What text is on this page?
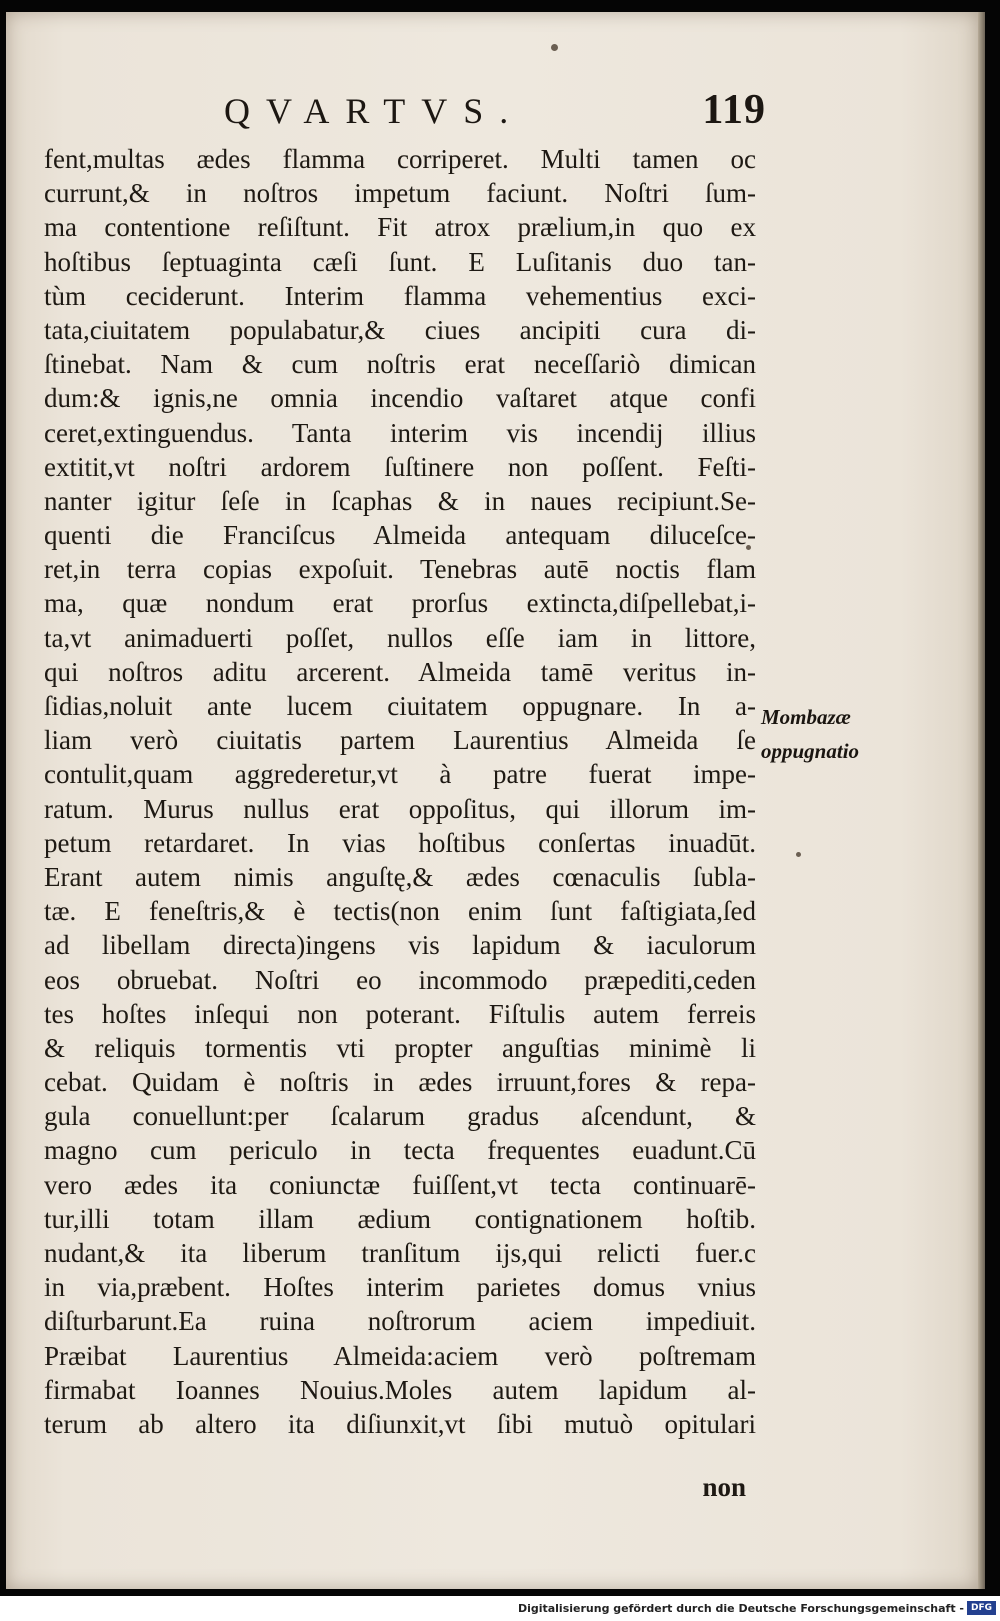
QVARTVS.	119
fent,multas ædes flamma corriperet. Multi tamen oc
currunt,& in noſtros impetum faciunt. Noſtri ſum-
ma contentione reſiſtunt. Fit atrox prælium,in quo ex
hoſtibus ſeptuaginta cæſi ſunt. E Luſitanis duo tan-
tùm ceciderunt. Interim flamma vehementius exci-
tata,ciuitatem populabatur,& ciues ancipiti cura di-
ſtinebat. Nam & cum noſtris erat neceſſariò dimican
dum:& ignis,ne omnia incendio vaſtaret atque confi
ceret,extinguendus. Tanta interim vis incendij illius
extitit,vt noſtri ardorem ſuſtinere non poſſent. Feſti-
nanter igitur ſeſe in ſcaphas & in naues recipiunt.Se-
quenti die Franciſcus Almeida antequam diluceſce-
ret,in terra copias expoſuit. Tenebras autē noctis flam
ma, quæ nondum erat prorſus extincta,diſpellebat,i-
ta,vt animaduerti poſſet, nullos eſſe iam in littore,
qui noſtros aditu arcerent. Almeida tamē veritus in-
ſidias,noluit ante lucem ciuitatem oppugnare. In a-
liam verò ciuitatis partem Laurentius Almeida ſe
contulit,quam aggrederetur,vt à patre fuerat impe-
ratum. Murus nullus erat oppoſitus, qui illorum im-
petum retardaret. In vias hoſtibus conſertas inuadūt.
Erant autem nimis anguſtę,& ædes cœnaculis ſubla-
tæ. E feneſtris,& è tectis(non enim ſunt faſtigiata,ſed
ad libellam directa)ingens vis lapidum & iaculorum
eos obruebat. Noſtri eo incommodo præpediti,ceden
tes hoſtes inſequi non poterant. Fiſtulis autem ferreis
& reliquis tormentis vti propter anguſtias minimè li
cebat. Quidam è noſtris in ædes irruunt,fores & repa-
gula conuellunt:per ſcalarum gradus aſcendunt, &
magno cum periculo in tecta frequentes euadunt.Cū
vero ædes ita coniunctæ fuiſſent,vt tecta continuarē-
tur,illi totam illam ædium contignationem hoſtib.
nudant,& ita liberum tranſitum ijs,qui relicti fuer.c
in via,præbent. Hoſtes interim parietes domus vnius
diſturbarunt.Ea ruina noſtrorum aciem impediuit.
Præibat Laurentius Almeida:aciem verò poſtremam
firmabat Ioannes Nouius.Moles autem lapidum al-
terum ab altero ita diſiunxit,vt ſibi mutuò opitulari
non
Mombazæ
oppugnatio
Digitalisierung gefördert durch die Deutsche Forschungsgemeinschaft - DFG
